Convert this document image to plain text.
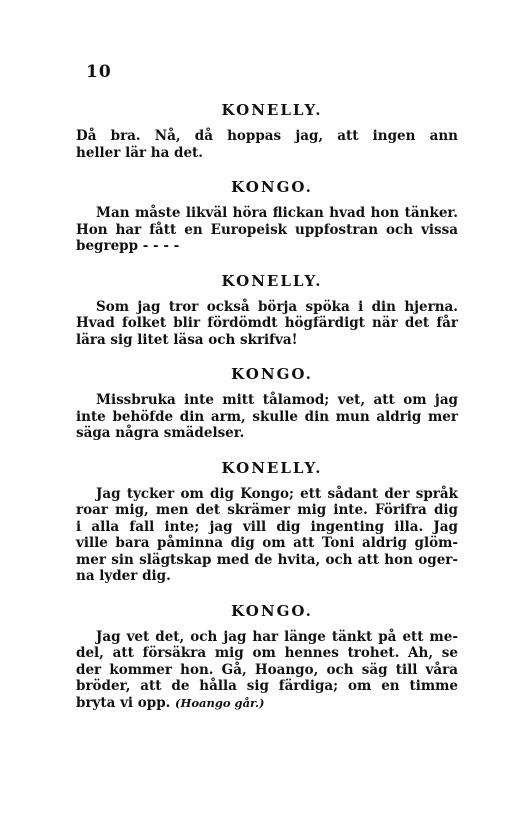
10
KONELLY.
Då bra. Nå, då hoppas jag, att ingen ann
heller lär ha det.
KONGO.
Man måste likväl höra flickan hvad hon tänker.
Hon har fått en Europeisk uppfostran och vissa
begrepp - - - -
KONELLY.
Som jag tror också börja spöka i din hjerna.
Hvad folket blir fördömdt högfärdigt när det får
lära sig litet läsa och skrifva!
KONGO.
Missbruka inte mitt tålamod; vet, att om jag
inte behöfde din arm, skulle din mun aldrig mer
säga några smädelser.
KONELLY.
Jag tycker om dig Kongo; ett sådant der språk
roar mig, men det skrämer mig inte. Förifra dig
i alla fall inte; jag vill dig ingenting illa. Jag
ville bara påminna dig om att Toni aldrig glöm-
mer sin slägtskap med de hvita, och att hon oger-
na lyder dig.
KONGO.
Jag vet det, och jag har länge tänkt på ett me-
del, att försäkra mig om hennes trohet. Ah, se
der kommer hon. Gå, Hoango, och säg till våra
bröder, att de hålla sig färdiga; om en timme
bryta vi opp. (Hoango går.)
